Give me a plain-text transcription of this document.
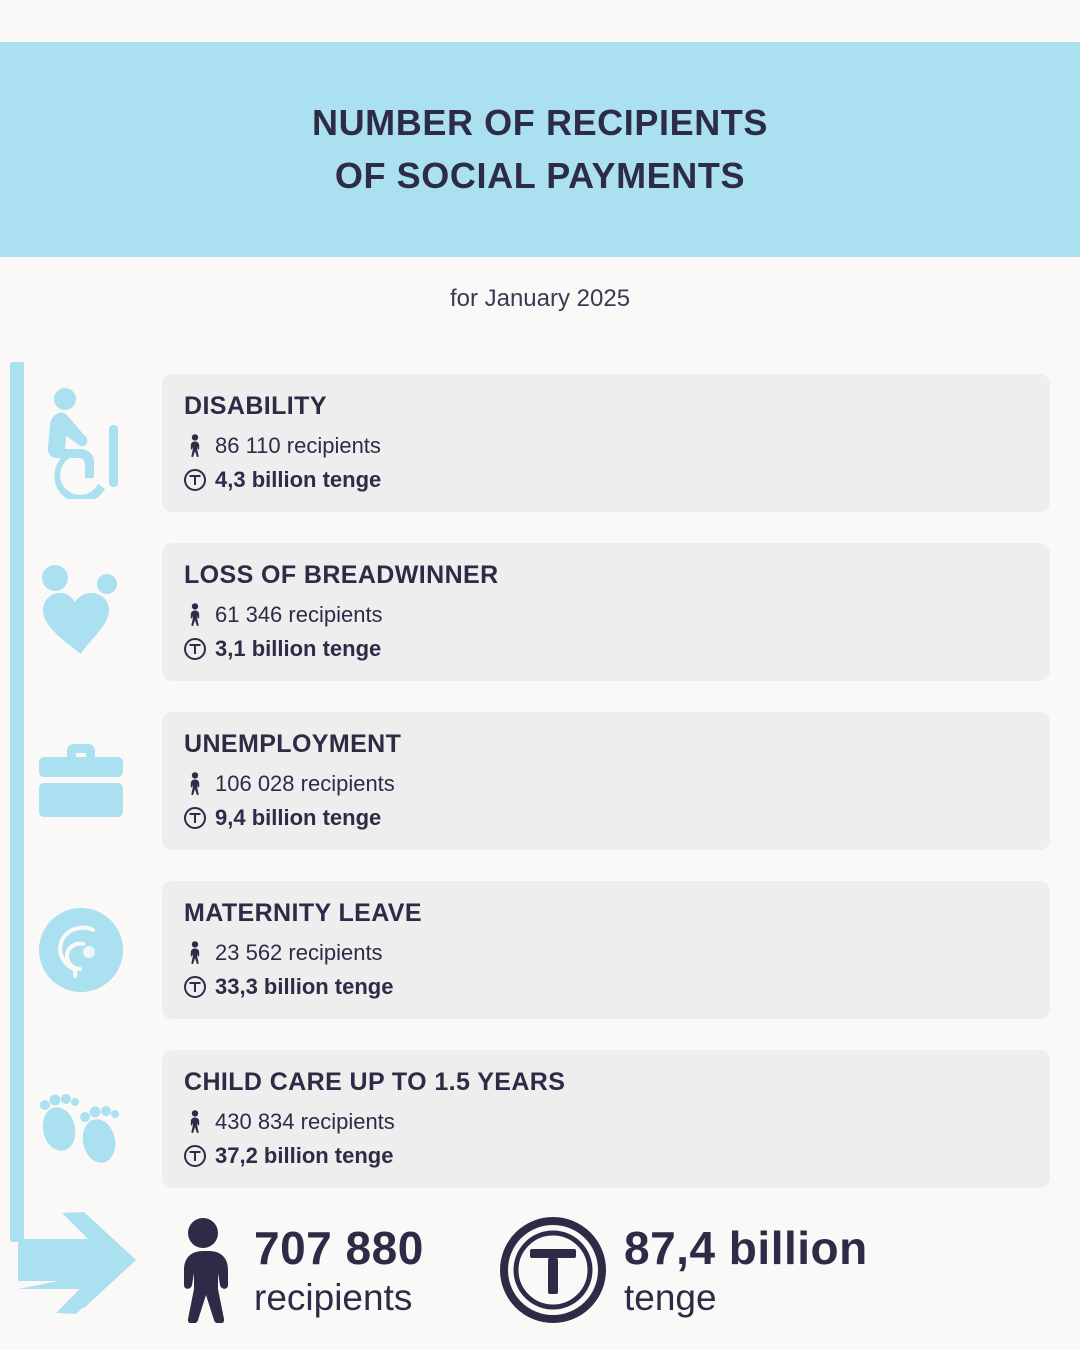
NUMBER OF RECIPIENTS
OF SOCIAL PAYMENTS
for January 2025
DISABILITY
86 110 recipients
4,3 billion tenge
LOSS OF BREADWINNER
61 346 recipients
3,1 billion tenge
UNEMPLOYMENT
106 028 recipients
9,4 billion tenge
MATERNITY LEAVE
23 562 recipients
33,3 billion tenge
CHILD CARE UP TO 1.5 YEARS
430 834 recipients
37,2 billion tenge
707 880
recipients
87,4 billion
tenge
